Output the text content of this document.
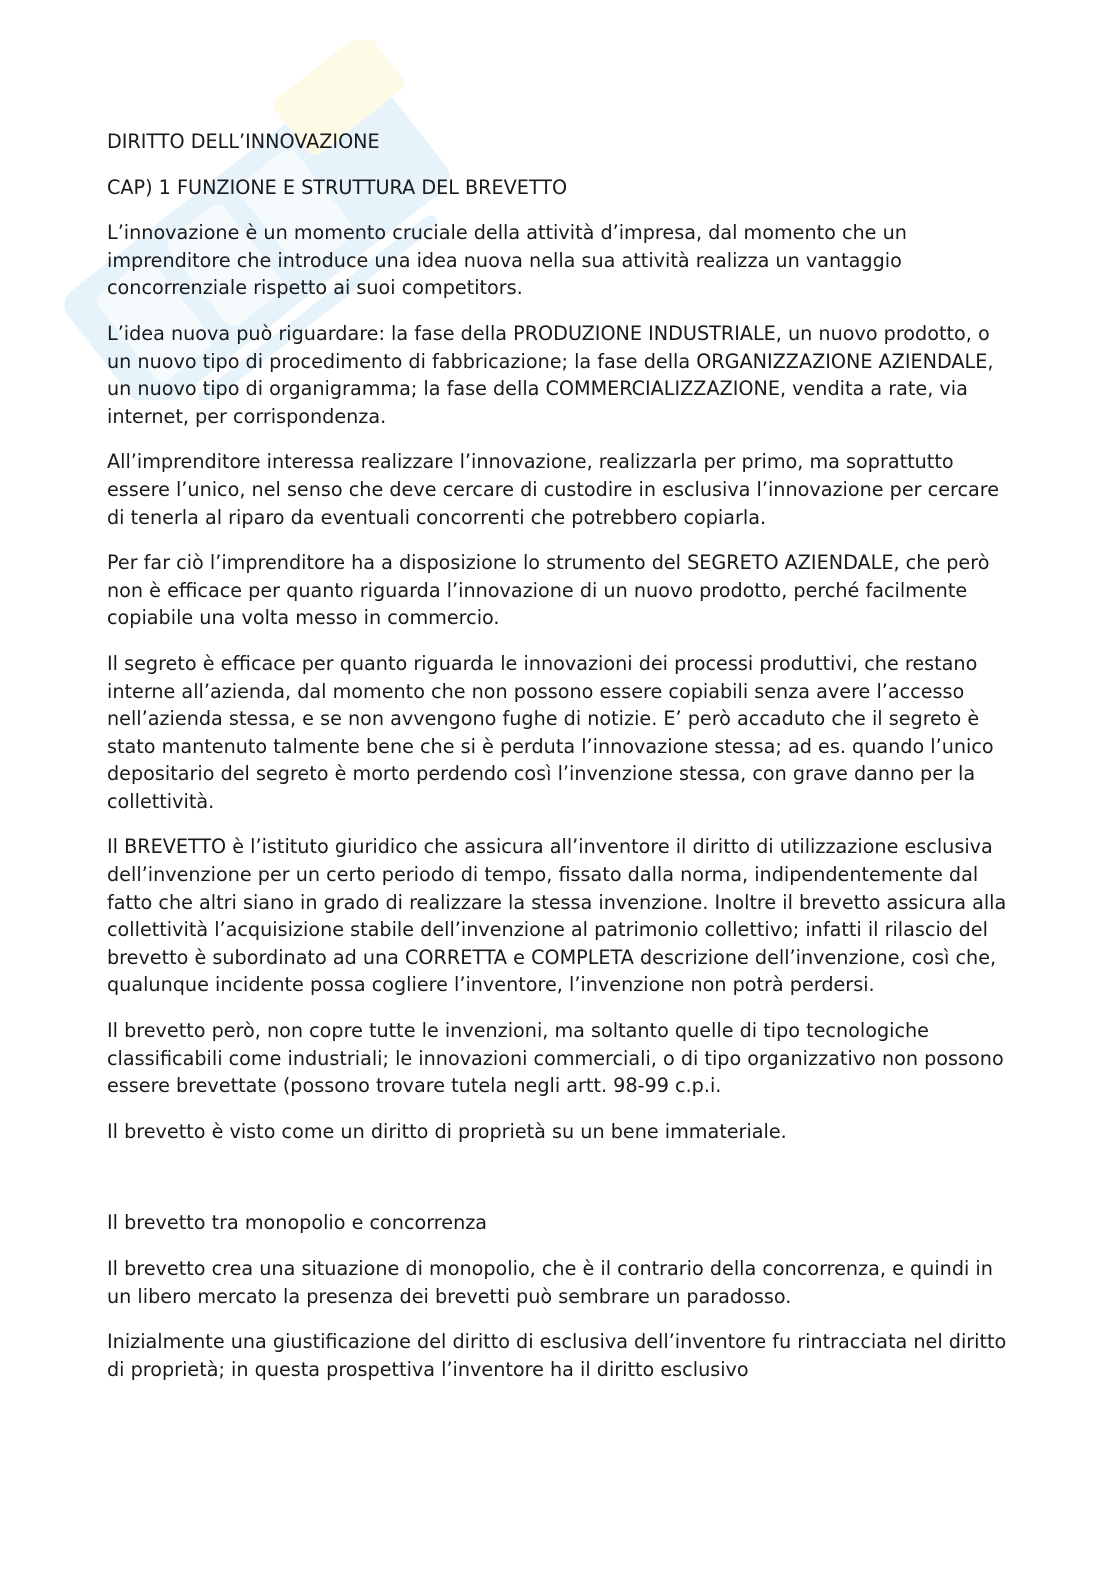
DIRITTO DELL’INNOVAZIONE

CAP) 1 FUNZIONE E STRUTTURA DEL BREVETTO

L’innovazione è un momento cruciale della attività d’impresa, dal momento che un imprenditore che introduce una idea nuova nella sua attività realizza un vantaggio concorrenziale rispetto ai suoi competitors.

L’idea nuova può riguardare: la fase della PRODUZIONE INDUSTRIALE, un nuovo prodotto, o un nuovo tipo di procedimento di fabbricazione; la fase della ORGANIZZAZIONE AZIENDALE, un nuovo tipo di organigramma; la fase della COMMERCIALIZZAZIONE, vendita a rate, via internet, per corrispondenza.

All’imprenditore interessa realizzare l’innovazione, realizzarla per primo, ma soprattutto essere l’unico, nel senso che deve cercare di custodire in esclusiva l’innovazione per cercare di tenerla al riparo da eventuali concorrenti che potrebbero copiarla.

Per far ciò l’imprenditore ha a disposizione lo strumento del SEGRETO AZIENDALE, che però non è efficace per quanto riguarda l’innovazione di un nuovo prodotto, perché facilmente copiabile una volta messo in commercio.

Il segreto è efficace per quanto riguarda le innovazioni dei processi produttivi, che restano interne all’azienda, dal momento che non possono essere copiabili senza avere l’accesso nell’azienda stessa, e se non avvengono fughe di notizie. E’ però accaduto che il segreto è stato mantenuto talmente bene che si è perduta l’innovazione stessa; ad es. quando l’unico depositario del segreto è morto perdendo così l’invenzione stessa, con grave danno per la collettività.

Il BREVETTO è l’istituto giuridico che assicura all’inventore il diritto di utilizzazione esclusiva dell’invenzione per un certo periodo di tempo, fissato dalla norma, indipendentemente dal fatto che altri siano in grado di realizzare la stessa invenzione. Inoltre il brevetto assicura alla collettività l’acquisizione stabile dell’invenzione al patrimonio collettivo; infatti il rilascio del brevetto è subordinato ad una CORRETTA e COMPLETA descrizione dell’invenzione, così che, qualunque incidente possa cogliere l’inventore, l’invenzione non potrà perdersi.

Il brevetto però, non copre tutte le invenzioni, ma soltanto quelle di tipo tecnologiche classificabili come industriali; le innovazioni commerciali, o di tipo organizzativo non possono essere brevettate (possono trovare tutela negli artt. 98-99 c.p.i.

Il brevetto è visto come un diritto di proprietà su un bene immateriale.

Il brevetto tra monopolio e concorrenza

Il brevetto crea una situazione di monopolio, che è il contrario della concorrenza, e quindi in un libero mercato la presenza dei brevetti può sembrare un paradosso.

Inizialmente una giustificazione del diritto di esclusiva dell’inventore fu rintracciata nel diritto di proprietà; in questa prospettiva l’inventore ha il diritto esclusivo
